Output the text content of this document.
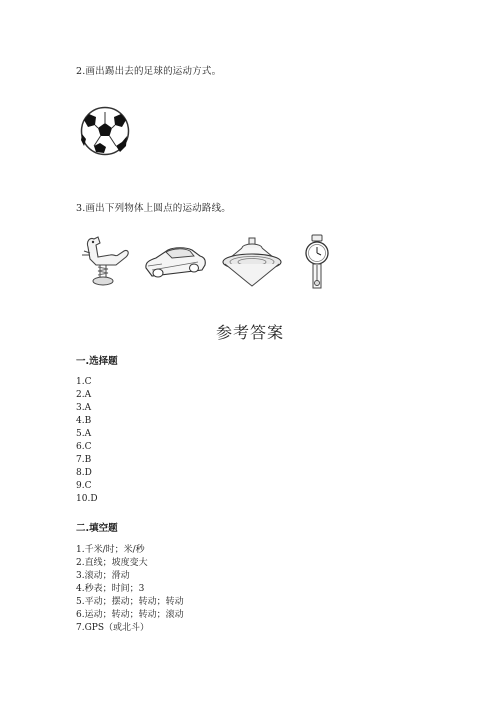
2.画出踢出去的足球的运动方式。
3.画出下列物体上圆点的运动路线。
参考答案
一.选择题
1.C
2.A
3.A
4.B
5.A
6.C
7.B
8.D
9.C
10.D
二.填空题
1.千米/时；米/秒
2.直线；坡度变大
3.滚动；滑动
4.秒表；时间；3
5.平动；摆动；转动；转动
6.运动；转动；转动；滚动
7.GPS（或北斗）
